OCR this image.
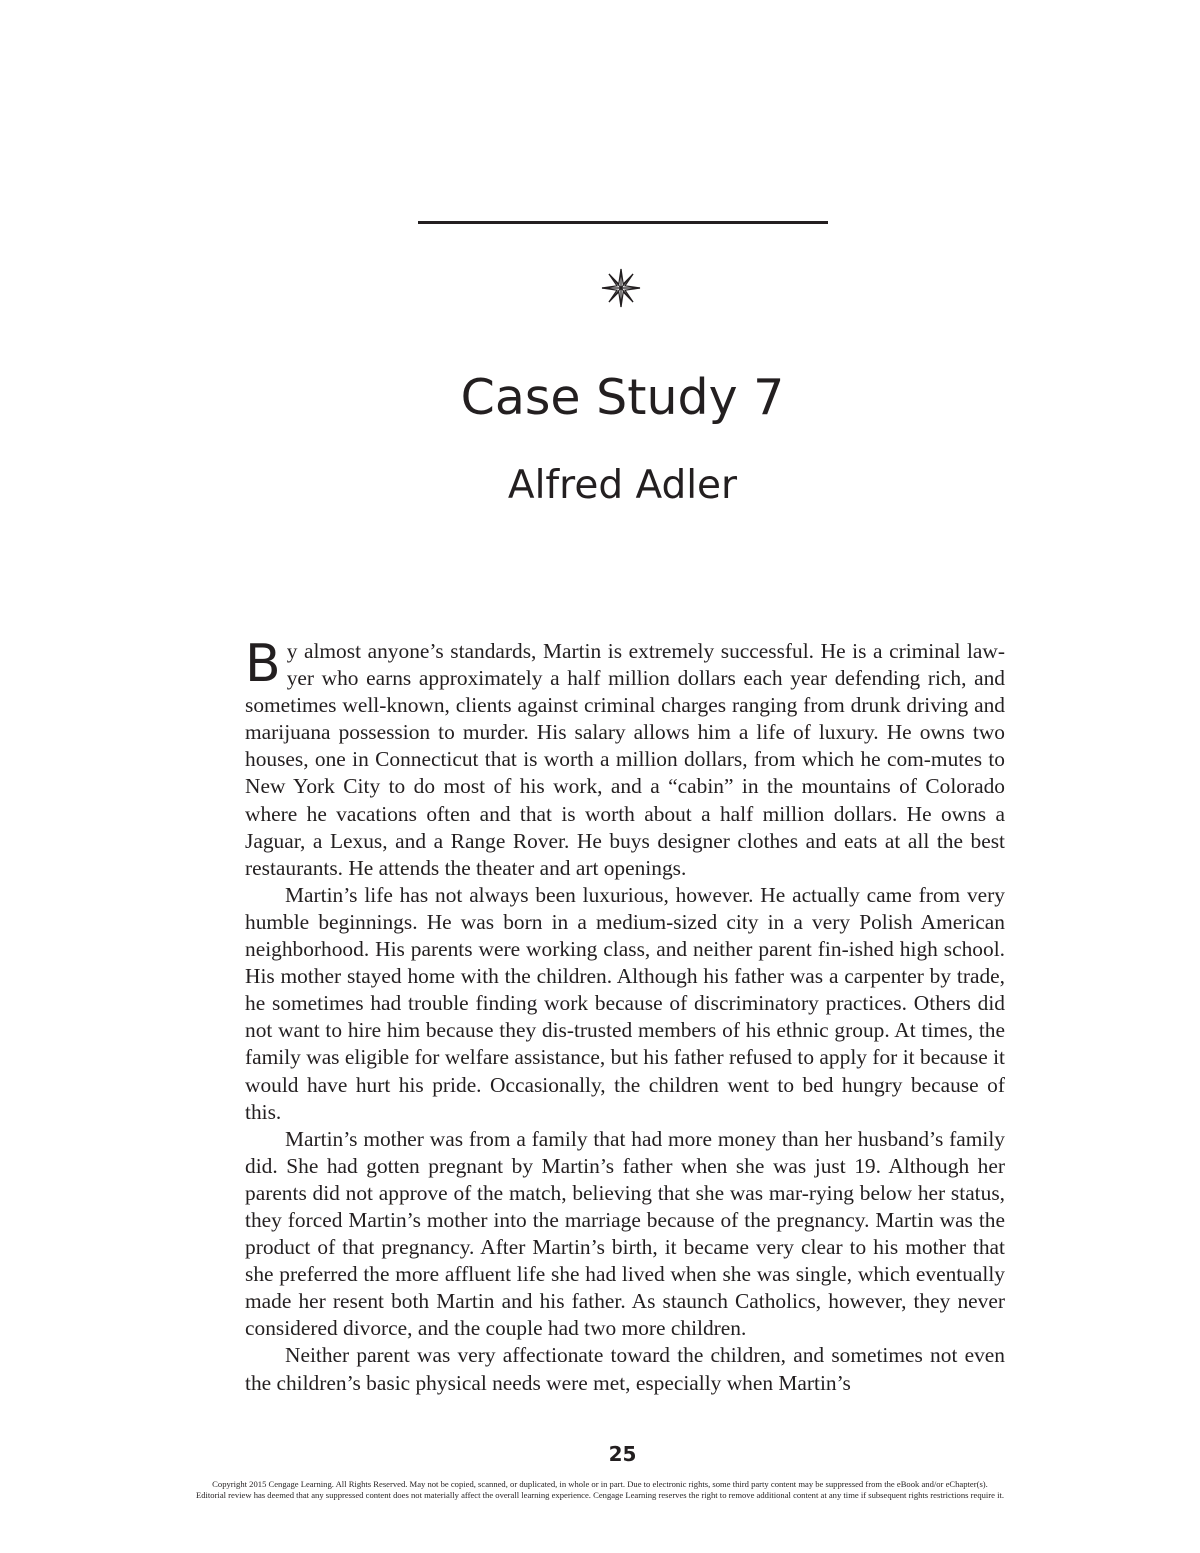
Case Study 7
Alfred Adler

By almost anyone’s standards, Martin is extremely successful. He is a criminal law-yer who earns approximately a half million dollars each year defending rich, and sometimes well-known, clients against criminal charges ranging from drunk driving and marijuana possession to murder. His salary allows him a life of luxury. He owns two houses, one in Connecticut that is worth a million dollars, from which he com-mutes to New York City to do most of his work, and a “cabin” in the mountains of Colorado where he vacations often and that is worth about a half million dollars. He owns a Jaguar, a Lexus, and a Range Rover. He buys designer clothes and eats at all the best restaurants. He attends the theater and art openings.

Martin’s life has not always been luxurious, however. He actually came from very humble beginnings. He was born in a medium-sized city in a very Polish American neighborhood. His parents were working class, and neither parent fin-ished high school. His mother stayed home with the children. Although his father was a carpenter by trade, he sometimes had trouble finding work because of discriminatory practices. Others did not want to hire him because they dis-trusted members of his ethnic group. At times, the family was eligible for welfare assistance, but his father refused to apply for it because it would have hurt his pride. Occasionally, the children went to bed hungry because of this.

Martin’s mother was from a family that had more money than her husband’s family did. She had gotten pregnant by Martin’s father when she was just 19. Although her parents did not approve of the match, believing that she was mar-rying below her status, they forced Martin’s mother into the marriage because of the pregnancy. Martin was the product of that pregnancy. After Martin’s birth, it became very clear to his mother that she preferred the more affluent life she had lived when she was single, which eventually made her resent both Martin and his father. As staunch Catholics, however, they never considered divorce, and the couple had two more children.

Neither parent was very affectionate toward the children, and sometimes not even the children’s basic physical needs were met, especially when Martin’s

25
Copyright 2015 Cengage Learning. All Rights Reserved. May not be copied, scanned, or duplicated, in whole or in part. Due to electronic rights, some third party content may be suppressed from the eBook and/or eChapter(s).
Editorial review has deemed that any suppressed content does not materially affect the overall learning experience. Cengage Learning reserves the right to remove additional content at any time if subsequent rights restrictions require it.
